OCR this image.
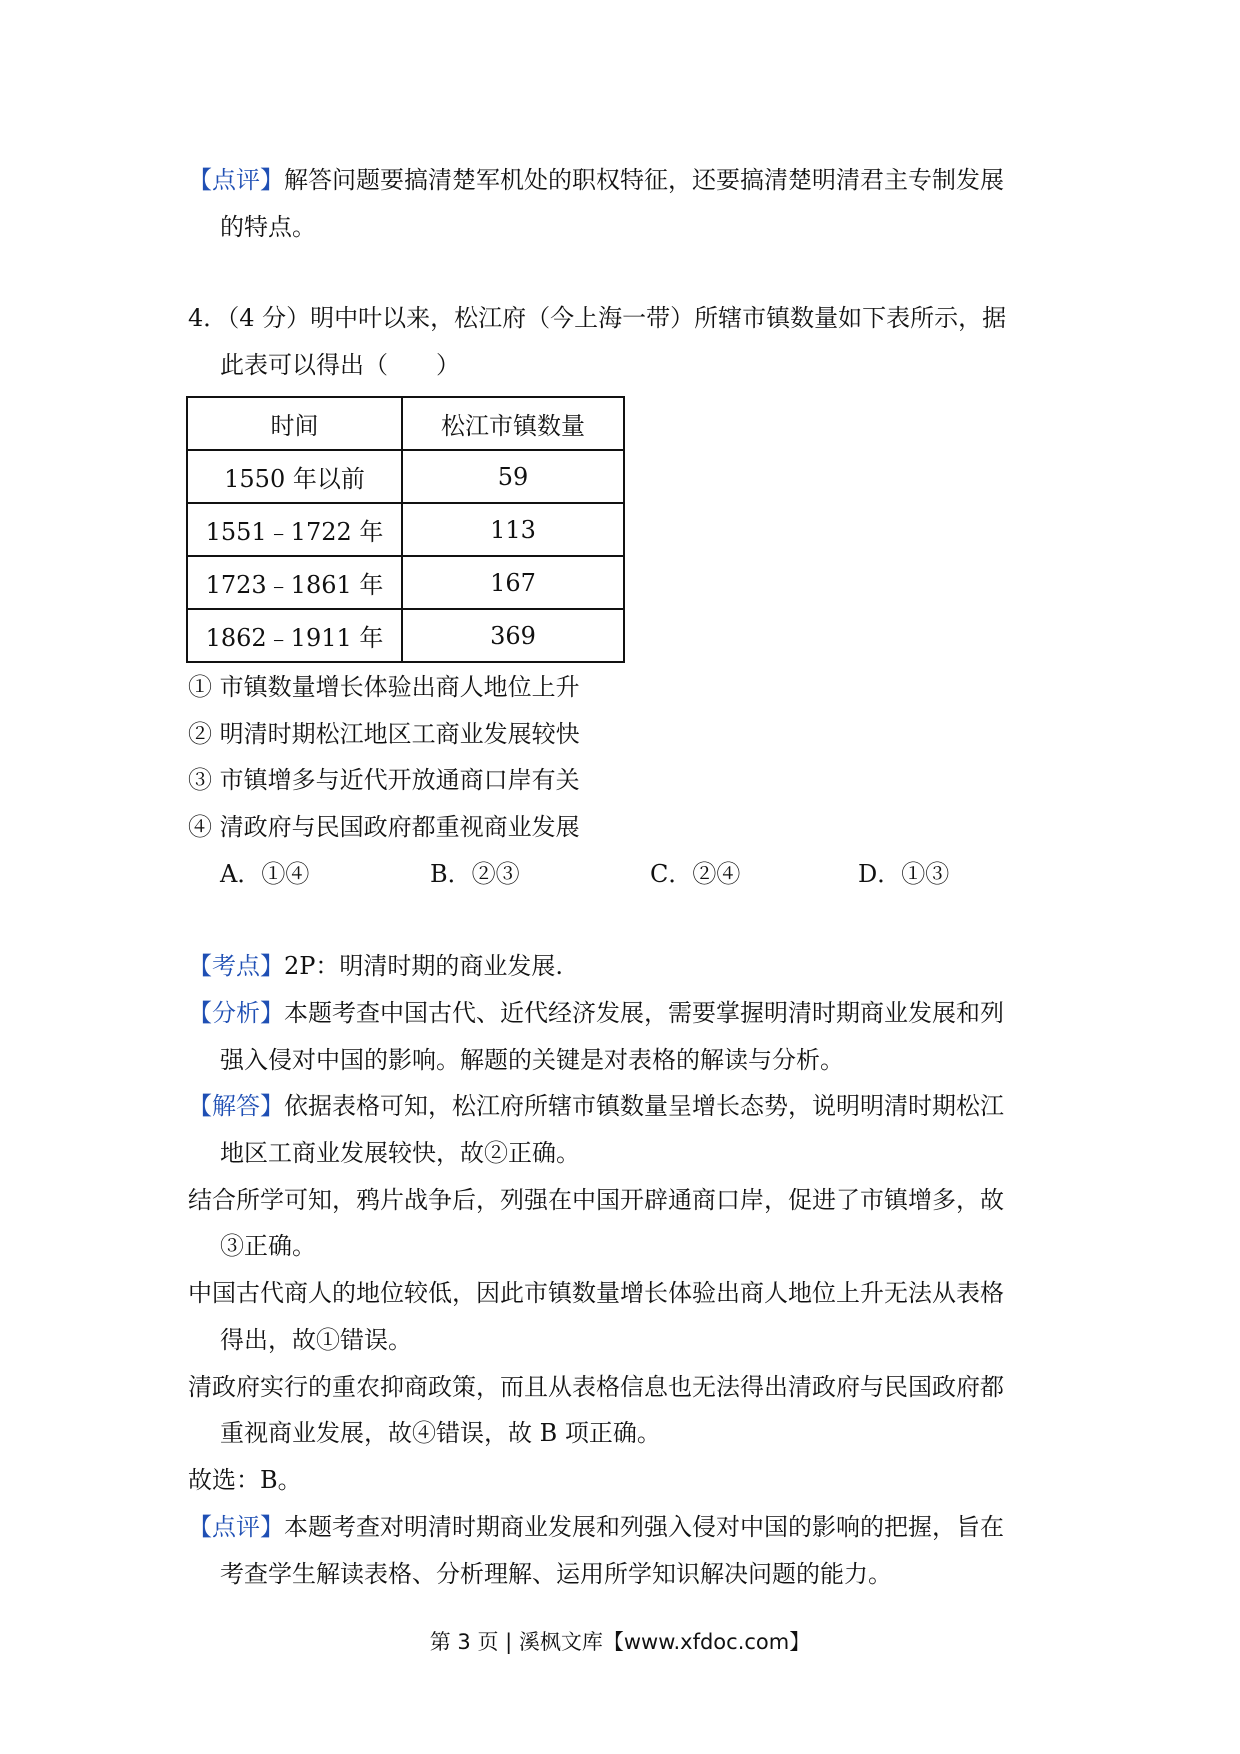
【点评】解答问题要搞清楚军机处的职权特征，还要搞清楚明清君主专制发展
的特点。
4．（4 分）明中叶以来，松江府（今上海一带）所辖市镇数量如下表所示，据
此表可以得出（　　）
时间	松江市镇数量
1550 年以前	59
1551﹣1722 年	113
1723﹣1861 年	167
1862﹣1911 年	369
① 市镇数量增长体验出商人地位上升
② 明清时期松江地区工商业发展较快
③ 市镇增多与近代开放通商口岸有关
④ 清政府与民国政府都重视商业发展
A．①④	B．②③	C．②④	D．①③
【考点】2P：明清时期的商业发展.
【分析】本题考查中国古代、近代经济发展，需要掌握明清时期商业发展和列
强入侵对中国的影响。解题的关键是对表格的解读与分析。
【解答】依据表格可知，松江府所辖市镇数量呈增长态势，说明明清时期松江
地区工商业发展较快，故②正确。
结合所学可知，鸦片战争后，列强在中国开辟通商口岸，促进了市镇增多，故
③正确。
中国古代商人的地位较低，因此市镇数量增长体验出商人地位上升无法从表格
得出，故①错误。
清政府实行的重农抑商政策，而且从表格信息也无法得出清政府与民国政府都
重视商业发展，故④错误，故 B 项正确。
故选：B。
【点评】本题考查对明清时期商业发展和列强入侵对中国的影响的把握，旨在
考查学生解读表格、分析理解、运用所学知识解决问题的能力。
第 3 页 | 溪枫文库【www.xfdoc.com】
